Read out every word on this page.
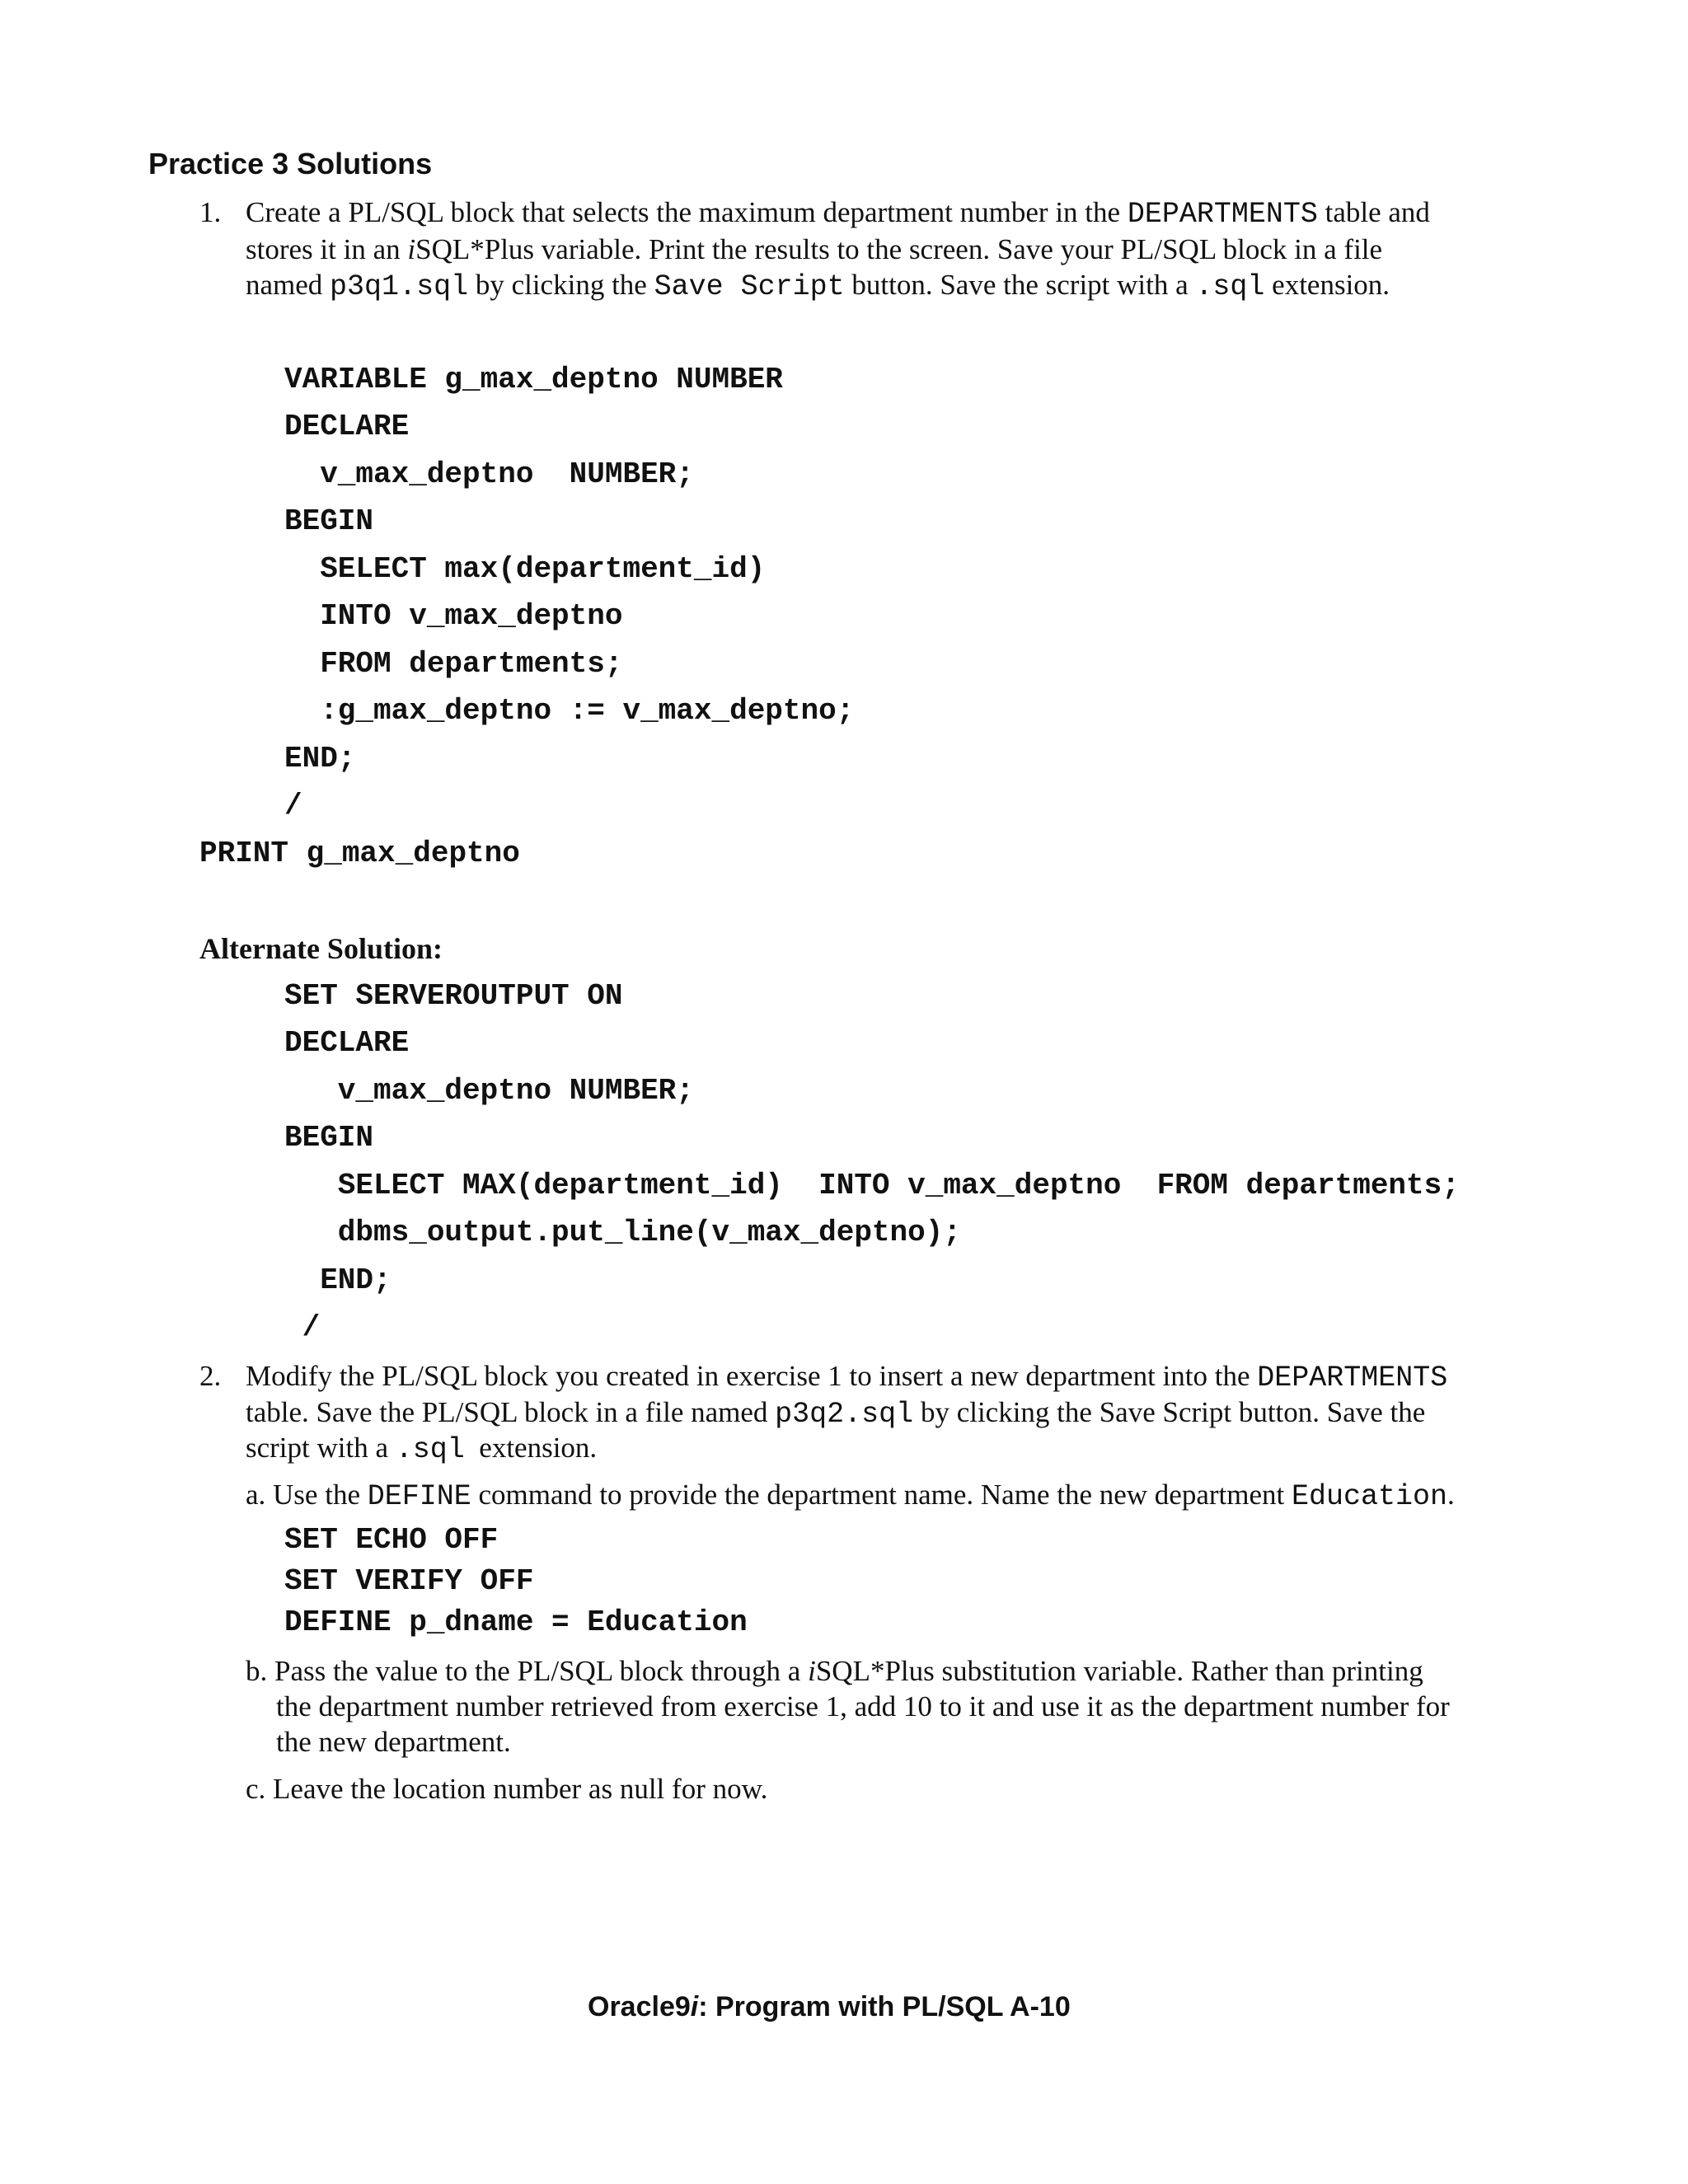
Practice 3 Solutions
1. Create a PL/SQL block that selects the maximum department number in the DEPARTMENTS table and
stores it in an iSQL*Plus variable. Print the results to the screen. Save your PL/SQL block in a file
named p3q1.sql by clicking the Save Script button. Save the script with a .sql extension.
VARIABLE g_max_deptno NUMBER
DECLARE
v_max_deptno  NUMBER;
BEGIN
SELECT max(department_id)
INTO v_max_deptno
FROM departments;
:g_max_deptno := v_max_deptno;
END;
/
PRINT g_max_deptno
Alternate Solution:
SET SERVEROUTPUT ON
DECLARE
v_max_deptno NUMBER;
BEGIN
SELECT MAX(department_id)  INTO v_max_deptno  FROM departments;
dbms_output.put_line(v_max_deptno);
END;
/
2. Modify the PL/SQL block you created in exercise 1 to insert a new department into the DEPARTMENTS
table. Save the PL/SQL block in a file named p3q2.sql by clicking the Save Script button. Save the
script with a .sql  extension.
a. Use the DEFINE command to provide the department name. Name the new department Education.
SET ECHO OFF
SET VERIFY OFF
DEFINE p_dname = Education
b. Pass the value to the PL/SQL block through a iSQL*Plus substitution variable. Rather than printing
the department number retrieved from exercise 1, add 10 to it and use it as the department number for
the new department.
c. Leave the location number as null for now.
Oracle9i: Program with PL/SQL A-10
